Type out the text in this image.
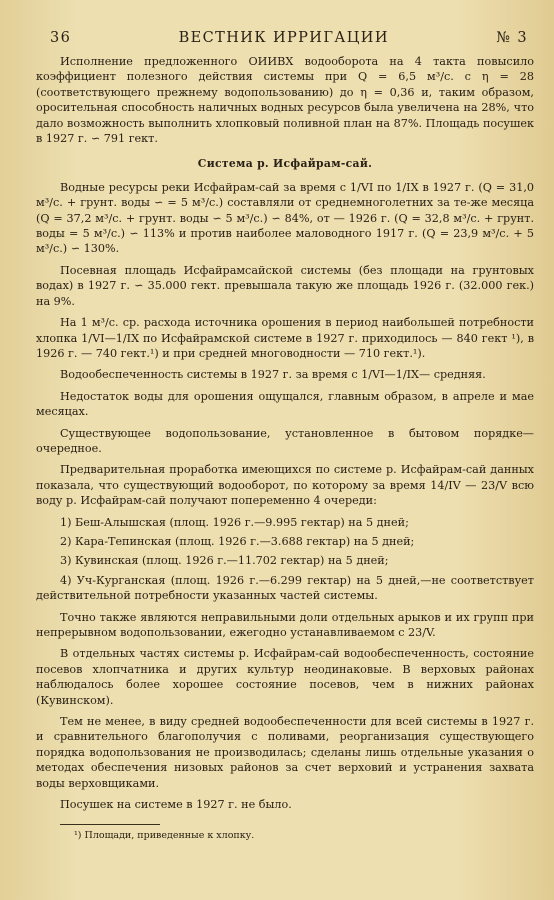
36	ВЕСТНИК ИРРИГАЦИИ	№ 3

Исполнение предложенного ОИИВХ водооборота на 4 такта повысило коэффициент полезного действия системы при Q = 6,5 м³/с. с η = 28 (соответствующего прежнему водопользованию) до η = 0,36 и, таким образом, оросительная способность наличных водных ресурсов была увеличена на 28%, что дало возможность выполнить хлопковый поливной план на 87%. Площадь посушек в 1927 г. ∽ 791 гект.

Система р. Исфайрам-сай.

Водные ресурсы реки Исфайрам-сай за время с 1/VI по 1/IX в 1927 г. (Q = 31,0 м³/с. + грунт. воды ∽ = 5 м³/с.) составляли от среднемноголетних за те-же месяца (Q = 37,2 м³/с. + грунт. воды ∽ 5 м³/с.) ∽ 84%, от — 1926 г. (Q = 32,8 м³/с. + грунт. воды = 5 м³/с.) ∽ 113% и против наиболее маловодного 1917 г. (Q = 23,9 м³/с. + 5 м³/с.) ∽ 130%.

Посевная площадь Исфайрамсайской системы (без площади на грунтовых водах) в 1927 г. ∽ 35.000 гект. превышала такую же площадь 1926 г. (32.000 гек.) на 9%.

На 1 м³/с. ср. расхода источника орошения в период наибольшей потребности хлопка 1/VI—1/IX по Исфайрамской системе в 1927 г. приходилось — 840 гект ¹), в 1926 г. — 740 гект.¹) и при средней многоводности — 710 гект.¹).

Водообеспеченность системы в 1927 г. за время с 1/VI—1/IX— средняя.

Недостаток воды для орошения ощущался, главным образом, в апреле и мае месяцах.

Существующее водопользование, установленное в бытовом порядке— очередное.

Предварительная проработка имеющихся по системе р. Исфайрам-сай данных показала, что существующий водооборот, по которому за время 14/IV — 23/V всю воду р. Исфайрам-сай получают попеременно 4 очереди:

1) Беш-Алышская (площ. 1926 г.—9.995 гектар) на 5 дней;
2) Кара-Тепинская (площ. 1926 г.—3.688 гектар) на 5 дней;
3) Кувинская (площ. 1926 г.—11.702 гектар) на 5 дней;
4) Уч-Курганская (площ. 1926 г.—6.299 гектар) на 5 дней,—не соответствует действительной потребности указанных частей системы.

Точно также являются неправильными доли отдельных арыков и их групп при непрерывном водопользовании, ежегодно устанавливаемом с 23/V.

В отдельных частях системы р. Исфайрам-сай водообеспеченность, состояние посевов хлопчатника и других культур неодинаковые. В верховых районах наблюдалось более хорошее состояние посевов, чем в нижних районах (Кувинском).

Тем не менее, в виду средней водообеспеченности для всей системы в 1927 г. и сравнительного благополучия с поливами, реорганизация существующего порядка водопользования не производилась; сделаны лишь отдельные указания о методах обеспечения низовых районов за счет верховий и устранения захвата воды верховщиками.

Посушек на системе в 1927 г. не было.

¹) Площади, приведенные к хлопку.
